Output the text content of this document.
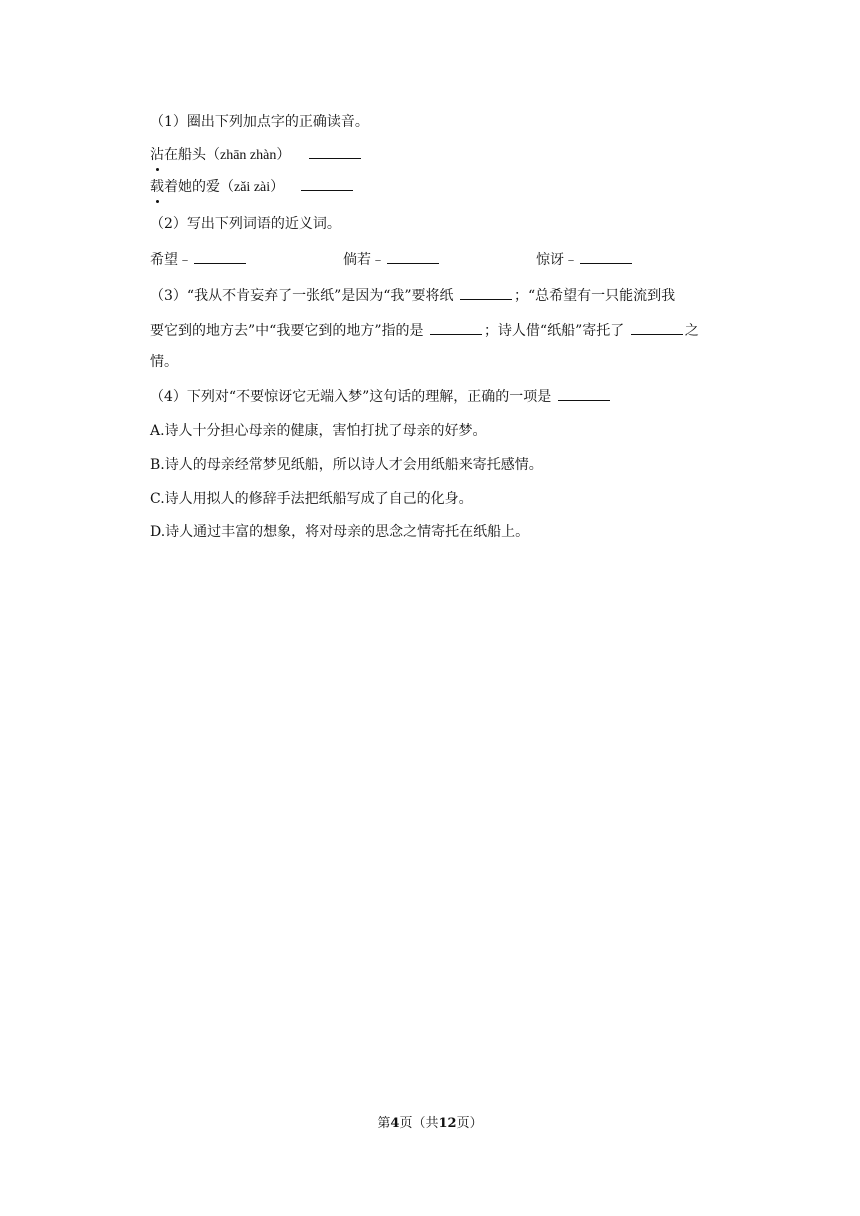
（1）圈出下列加点字的正确读音。
沾在船头（zhān zhàn）
载着她的爱（zǎi zài）
（2）写出下列词语的近义词。
希望﹣	倘若﹣	惊讶﹣
（3）“我从不肯妄弃了一张纸”是因为“我”要将纸	；“总希望有一只能流到我
要它到的地方去”中“我要它到的地方”指的是	；诗人借“纸船”寄托了	之
情。
（4）下列对“不要惊讶它无端入梦”这句话的理解，正确的一项是
A.诗人十分担心母亲的健康，害怕打扰了母亲的好梦。
B.诗人的母亲经常梦见纸船，所以诗人才会用纸船来寄托感情。
C.诗人用拟人的修辞手法把纸船写成了自己的化身。
D.诗人通过丰富的想象，将对母亲的思念之情寄托在纸船上。
第4页（共12页）
